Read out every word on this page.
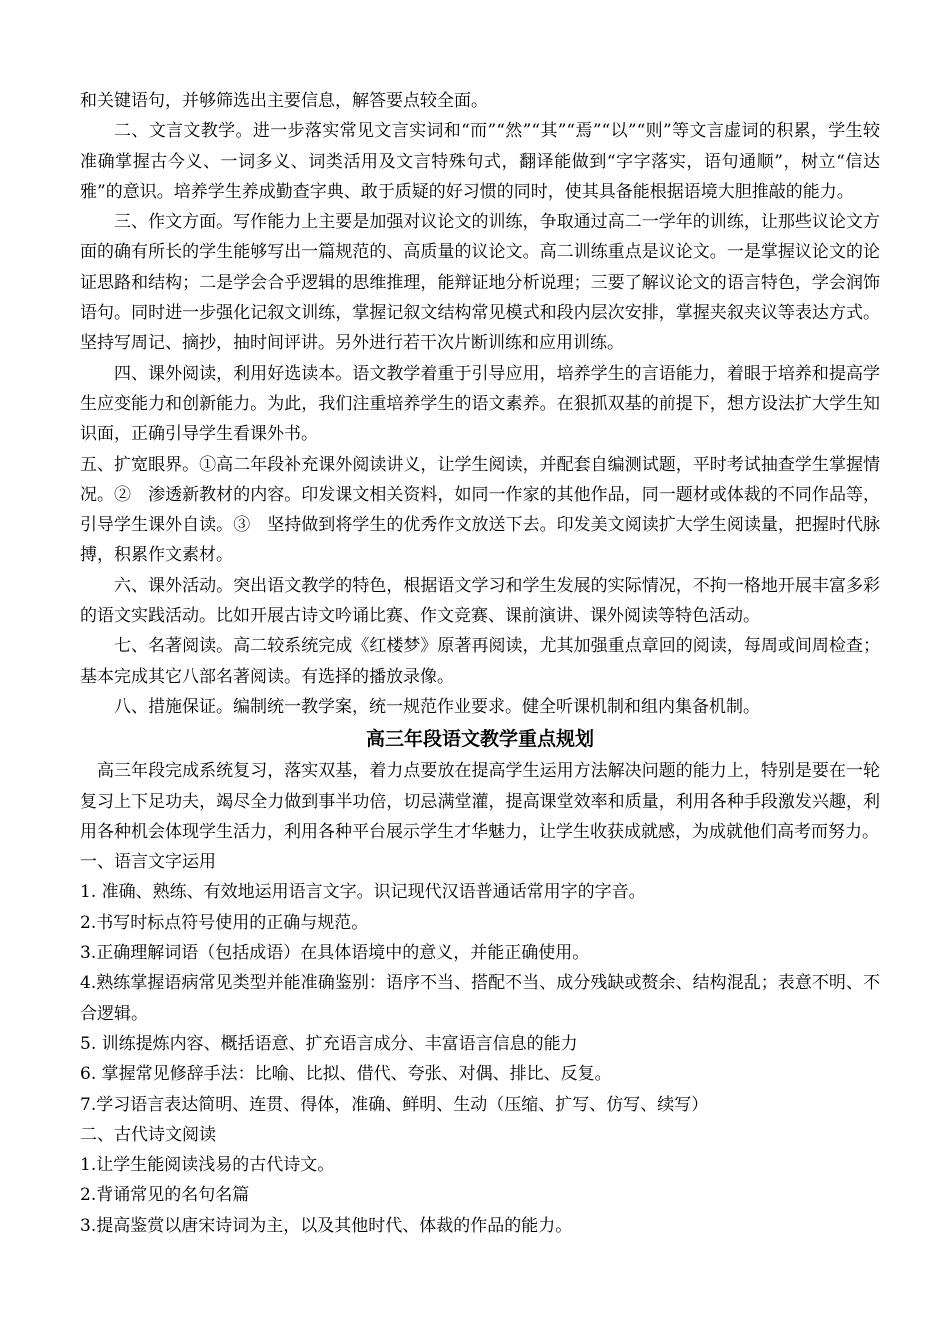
和关键语句，并够筛选出主要信息，解答要点较全面。

二、文言文教学。进一步落实常见文言实词和“而”“然”“其”“焉”“以”“则”等文言虚词的积累，学生较准确掌握古今义、一词多义、词类活用及文言特殊句式，翻译能做到“字字落实，语句通顺”，树立“信达雅”的意识。培养学生养成勤查字典、敢于质疑的好习惯的同时，使其具备能根据语境大胆推敲的能力。

三、作文方面。写作能力上主要是加强对议论文的训练，争取通过高二一学年的训练，让那些议论文方面的确有所长的学生能够写出一篇规范的、高质量的议论文。高二训练重点是议论文。一是掌握议论文的论证思路和结构；二是学会合乎逻辑的思维推理，能辩证地分析说理；三要了解议论文的语言特色，学会润饰语句。同时进一步强化记叙文训练，掌握记叙文结构常见模式和段内层次安排，掌握夹叙夹议等表达方式。坚持写周记、摘抄，抽时间评讲。另外进行若干次片断训练和应用训练。

四、课外阅读，利用好选读本。语文教学着重于引导应用，培养学生的言语能力，着眼于培养和提高学生应变能力和创新能力。为此，我们注重培养学生的语文素养。在狠抓双基的前提下，想方设法扩大学生知识面，正确引导学生看课外书。

五、扩宽眼界。①高二年段补充课外阅读讲义，让学生阅读，并配套自编测试题，平时考试抽查学生掌握情况。②　渗透新教材的内容。印发课文相关资料，如同一作家的其他作品，同一题材或体裁的不同作品等，引导学生课外自读。③　坚持做到将学生的优秀作文放送下去。印发美文阅读扩大学生阅读量，把握时代脉搏，积累作文素材。

六、课外活动。突出语文教学的特色，根据语文学习和学生发展的实际情况，不拘一格地开展丰富多彩的语文实践活动。比如开展古诗文吟诵比赛、作文竞赛、课前演讲、课外阅读等特色活动。

七、名著阅读。高二较系统完成《红楼梦》原著再阅读，尤其加强重点章回的阅读，每周或间周检查；基本完成其它八部名著阅读。有选择的播放录像。

八、措施保证。编制统一教学案，统一规范作业要求。健全听课机制和组内集备机制。

高三年段语文教学重点规划

高三年段完成系统复习，落实双基，着力点要放在提高学生运用方法解决问题的能力上，特别是要在一轮复习上下足功夫，竭尽全力做到事半功倍，切忌满堂灌，提高课堂效率和质量，利用各种手段激发兴趣，利用各种机会体现学生活力，利用各种平台展示学生才华魅力，让学生收获成就感，为成就他们高考而努力。

一、语言文字运用

1. 准确、熟练、有效地运用语言文字。识记现代汉语普通话常用字的字音。

2.书写时标点符号使用的正确与规范。

3.正确理解词语（包括成语）在具体语境中的意义，并能正确使用。

4.熟练掌握语病常见类型并能准确鉴别：语序不当、搭配不当、成分残缺或赘余、结构混乱；表意不明、不合逻辑。

5. 训练提炼内容、概括语意、扩充语言成分、丰富语言信息的能力

6. 掌握常见修辞手法：比喻、比拟、借代、夸张、对偶、排比、反复。

7.学习语言表达简明、连贯、得体，准确、鲜明、生动（压缩、扩写、仿写、续写）

二、古代诗文阅读

1.让学生能阅读浅易的古代诗文。

2.背诵常见的名句名篇

3.提高鉴赏以唐宋诗词为主，以及其他时代、体裁的作品的能力。
